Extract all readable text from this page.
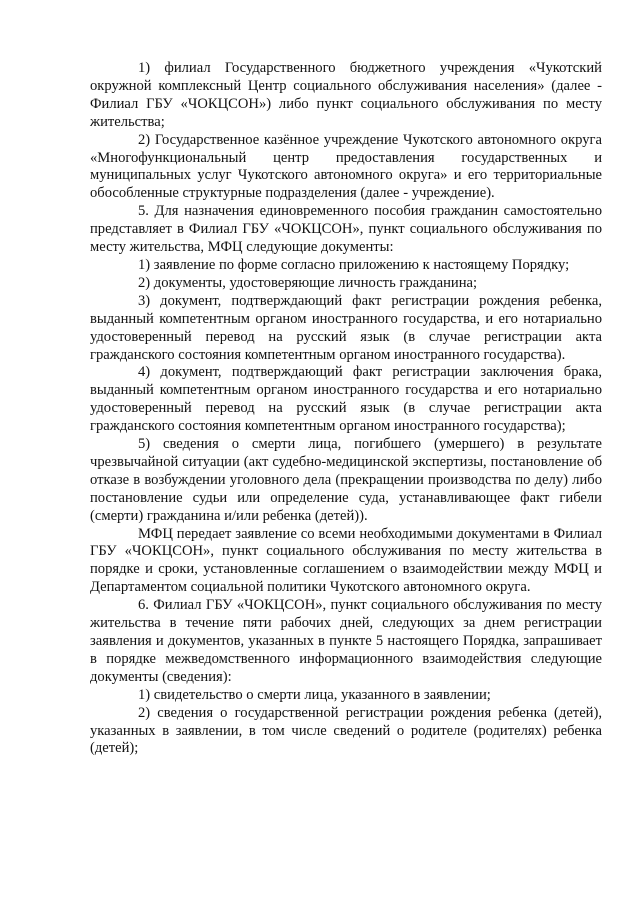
1) филиал Государственного бюджетного учреждения «Чукотский окружной комплексный Центр социального обслуживания населения» (далее - Филиал ГБУ «ЧОКЦСОН») либо пункт социального обслуживания по месту жительства;

2) Государственное казённое учреждение Чукотского автономного округа «Многофункциональный центр предоставления государственных и муниципальных услуг Чукотского автономного округа» и его территориальные обособленные структурные подразделения (далее - учреждение).

5. Для назначения единовременного пособия гражданин самостоятельно представляет в Филиал ГБУ «ЧОКЦСОН», пункт социального обслуживания по месту жительства, МФЦ следующие документы:

1) заявление по форме согласно приложению к настоящему Порядку;

2) документы, удостоверяющие личность гражданина;

3) документ, подтверждающий факт регистрации рождения ребенка, выданный компетентным органом иностранного государства, и его нотариально удостоверенный перевод на русский язык (в случае регистрации акта гражданского состояния компетентным органом иностранного государства).

4) документ, подтверждающий факт регистрации заключения брака, выданный компетентным органом иностранного государства и его нотариально удостоверенный перевод на русский язык (в случае регистрации акта гражданского состояния компетентным органом иностранного государства);

5) сведения о смерти лица, погибшего (умершего) в результате чрезвычайной ситуации (акт судебно-медицинской экспертизы, постановление об отказе в возбуждении уголовного дела (прекращении производства по делу) либо постановление судьи или определение суда, устанавливающее факт гибели (смерти) гражданина и/или ребенка (детей)).

МФЦ передает заявление со всеми необходимыми документами в Филиал ГБУ «ЧОКЦСОН», пункт социального обслуживания по месту жительства в порядке и сроки, установленные соглашением о взаимодействии между МФЦ и Департаментом социальной политики Чукотского автономного округа.

6. Филиал ГБУ «ЧОКЦСОН», пункт социального обслуживания по месту жительства в течение пяти рабочих дней, следующих за днем регистрации заявления и документов, указанных в пункте 5 настоящего Порядка, запрашивает в порядке межведомственного информационного взаимодействия следующие документы (сведения):

1) свидетельство о смерти лица, указанного в заявлении;

2) сведения о государственной регистрации рождения ребенка (детей), указанных в заявлении, в том числе сведений о родителе (родителях) ребенка (детей);
